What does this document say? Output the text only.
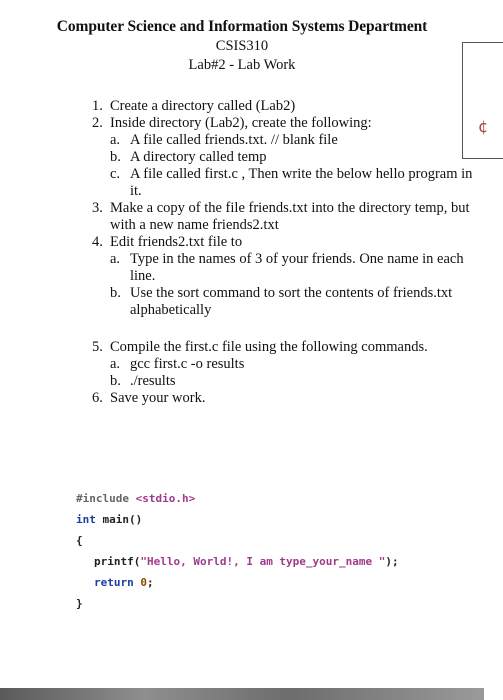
Computer Science and Information Systems Department
CSIS310
Lab#2 - Lab Work
¢
1. Create a directory called (Lab2)
2. Inside directory (Lab2), create the following:
a. A file called friends.txt. // blank file
b. A directory called temp
c. A file called first.c , Then write the below hello program in it.
3. Make a copy of the file friends.txt into the directory temp, but with a new name friends2.txt
4. Edit friends2.txt file to
a. Type in the names of 3 of your friends. One name in each line.
b. Use the sort command to sort the contents of friends.txt alphabetically
5. Compile the first.c file using the following commands.
a. gcc first.c -o results
b. ./results
6. Save your work.
#include <stdio.h>
int main()
{
printf("Hello, World!, I am type_your_name ");
return 0;
}
